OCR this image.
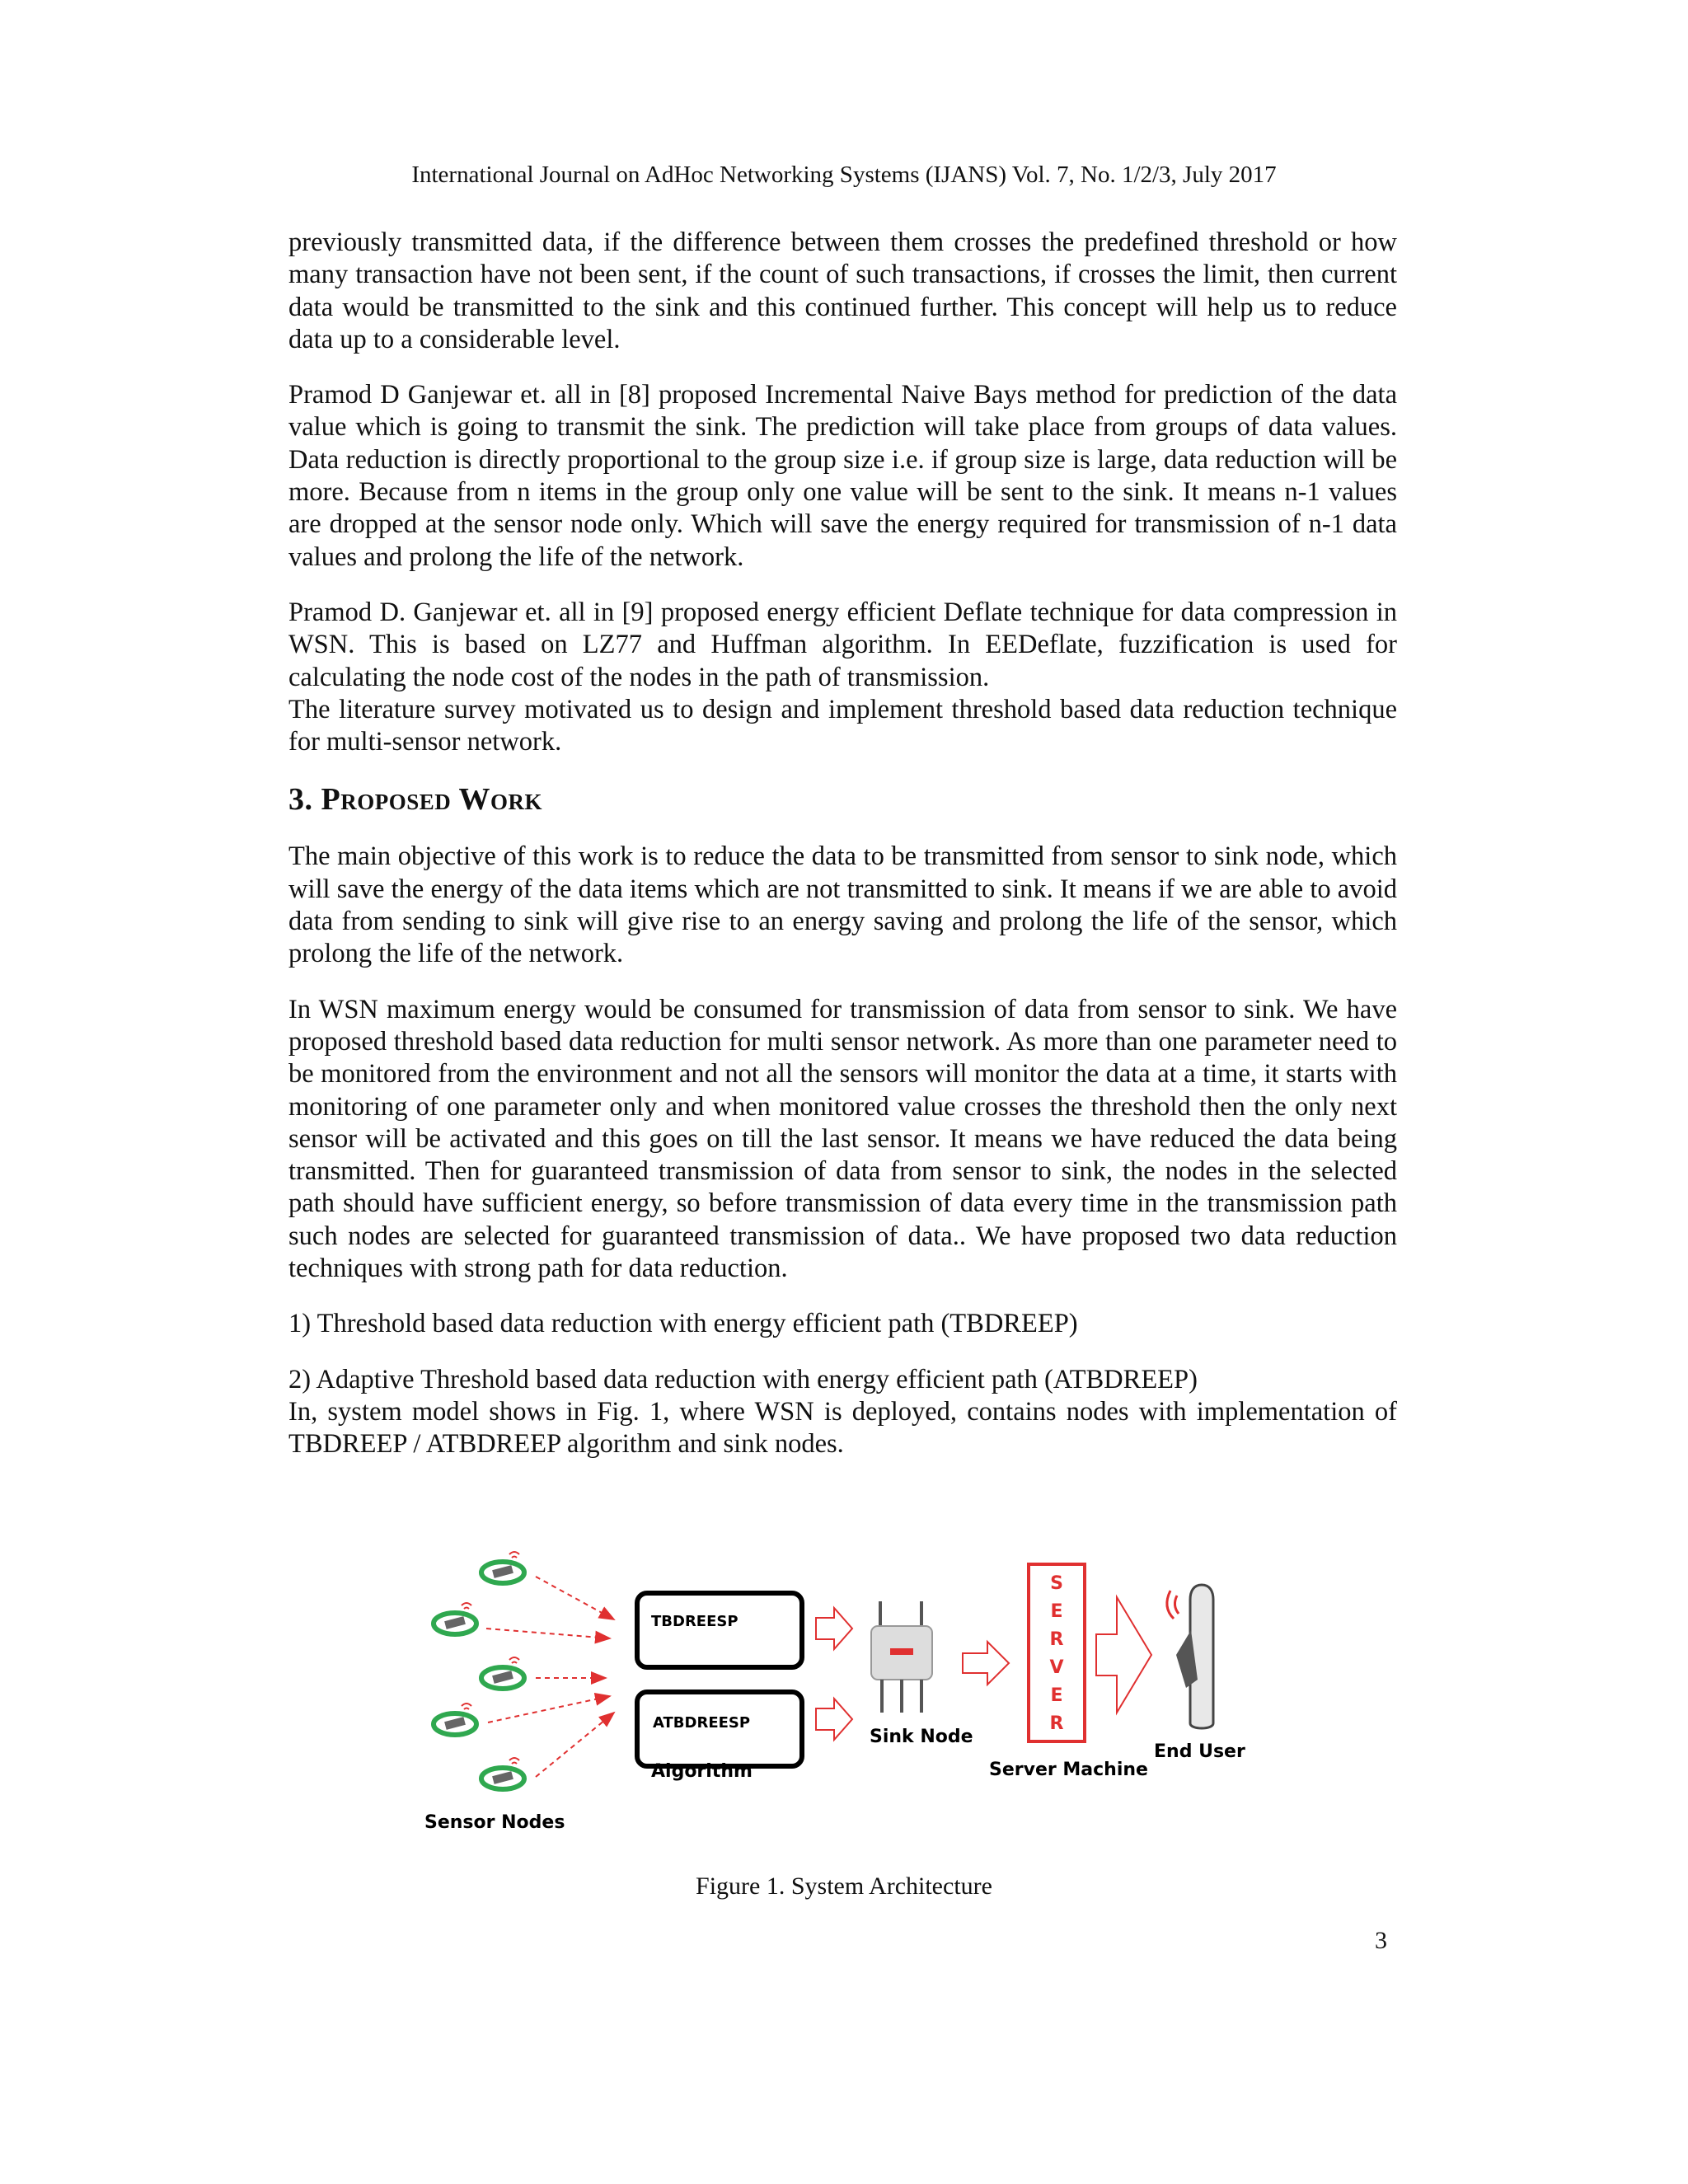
International Journal on AdHoc Networking Systems (IJANS) Vol. 7, No. 1/2/3, July 2017

previously transmitted data, if the difference between them crosses the predefined threshold or how many transaction have not been sent, if the count of such transactions, if crosses the limit, then current data would be transmitted to the sink and this continued further. This concept will help us to reduce data up to a considerable level.

Pramod D Ganjewar et. all in [8] proposed Incremental Naive Bays method for prediction of the data value which is going to transmit the sink. The prediction will take place from groups of data values. Data reduction is directly proportional to the group size i.e. if group size is large, data reduction will be more. Because from n items in the group only one value will be sent to the sink. It means n-1 values are dropped at the sensor node only. Which will save the energy required for transmission of n-1 data values and prolong the life of the network.

Pramod D. Ganjewar et. all in [9] proposed energy efficient Deflate technique for data compression in WSN. This is based on LZ77 and Huffman algorithm. In EEDeflate, fuzzification is used for calculating the node cost of the nodes in the path of transmission.

The literature survey motivated us to design and implement threshold based data reduction technique for multi-sensor network.

3. Proposed Work

The main objective of this work is to reduce the data to be transmitted from sensor to sink node, which will save the energy of the data items which are not transmitted to sink. It means if we are able to avoid data from sending to sink will give rise to an energy saving and prolong the life of the sensor, which prolong the life of the network.

In WSN maximum energy would be consumed for transmission of data from sensor to sink. We have proposed threshold based data reduction for multi sensor network. As more than one parameter need to be monitored from the environment and not all the sensors will monitor the data at a time, it starts with monitoring of one parameter only and when monitored value crosses the threshold then the only next sensor will be activated and this goes on till the last sensor. It means we have reduced the data being transmitted. Then for guaranteed transmission of data from sensor to sink, the nodes in the selected path should have sufficient energy, so before transmission of data every time in the transmission path such nodes are selected for guaranteed transmission of data.. We have proposed two data reduction techniques with strong path for data reduction.

1) Threshold based data reduction with energy efficient path (TBDREEP)
2) Adaptive Threshold based data reduction with energy efficient path (ATBDREEP)

In, system model shows in Fig. 1, where WSN is deployed, contains nodes with implementation of TBDREEP / ATBDREEP algorithm and sink nodes.

TBDREESP
ATBDREESP
Sink Node
S
E
R
V
E
R
Server Machine
End User
Algorithm
Sensor Nodes
Figure 1. System Architecture
3
